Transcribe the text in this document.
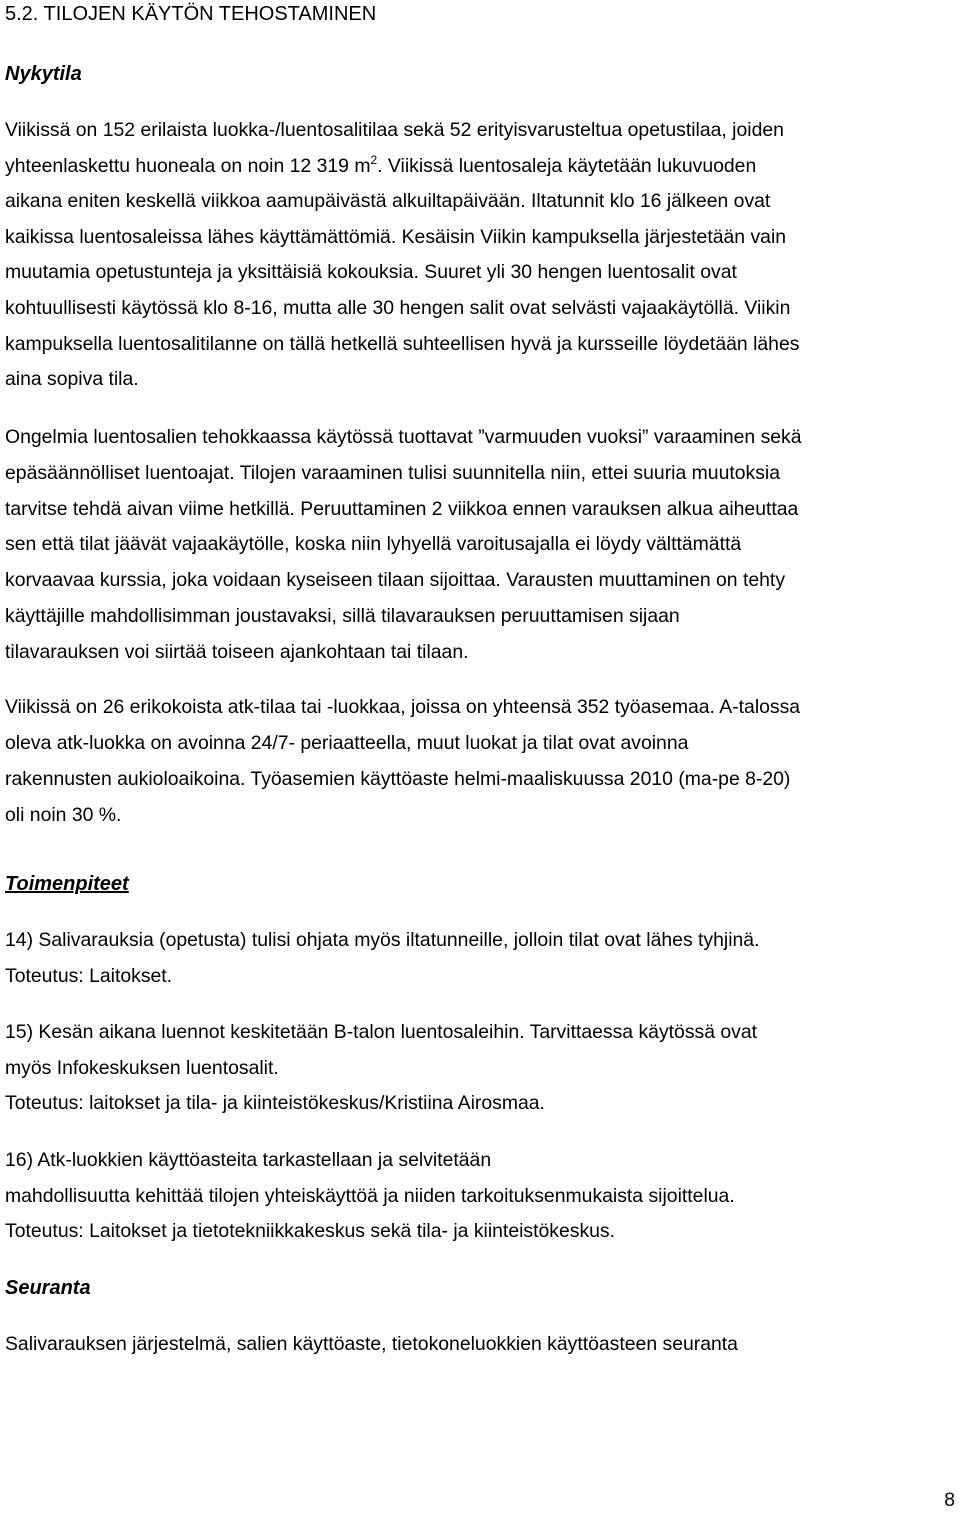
5.2. TILOJEN KÄYTÖN TEHOSTAMINEN
Nykytila
Viikissä on 152 erilaista luokka-/luentosalitilaa sekä 52 erityisvarusteltua opetustilaa, joiden
yhteenlaskettu huoneala on noin 12 319 $m^2$. Viikissä luentosaleja käytetään lukuvuoden
aikana eniten keskellä viikkoa aamupäivästä alkuiltapäivään. Iltatunnit klo 16 jälkeen ovat
kaikissa luentosaleissa lähes käyttämättömiä. Kesäisin Viikin kampuksella järjestetään vain
muutamia opetustunteja ja yksittäisiä kokouksia. Suuret yli 30 hengen luentosalit ovat
kohtuullisesti käytössä klo 8-16, mutta alle 30 hengen salit ovat selvästi vajaakäytöllä. Viikin
kampuksella luentosalitilanne on tällä hetkellä suhteellisen hyvä ja kursseille löydetään lähes
aina sopiva tila.
Ongelmia luentosalien tehokkaassa käytössä tuottavat ”varmuuden vuoksi” varaaminen sekä
epäsäännölliset luentoajat. Tilojen varaaminen tulisi suunnitella niin, ettei suuria muutoksia
tarvitse tehdä aivan viime hetkillä. Peruuttaminen 2 viikkoa ennen varauksen alkua aiheuttaa
sen että tilat jäävät vajaakäytölle, koska niin lyhyellä varoitusajalla ei löydy välttämättä
korvaavaa kurssia, joka voidaan kyseiseen tilaan sijoittaa. Varausten muuttaminen on tehty
käyttäjille mahdollisimman joustavaksi, sillä tilavarauksen peruuttamisen sijaan
tilavarauksen voi siirtää toiseen ajankohtaan tai tilaan.
Viikissä on 26 erikokoista atk-tilaa tai -luokkaa, joissa on yhteensä 352 työasemaa. A-talossa
oleva atk-luokka on avoinna 24/7- periaatteella, muut luokat ja tilat ovat avoinna
rakennusten aukioloaikoina. Työasemien käyttöaste helmi-maaliskuussa 2010 (ma-pe 8-20)
oli noin 30 %.
Toimenpiteet
14) Salivarauksia (opetusta) tulisi ohjata myös iltatunneille, jolloin tilat ovat lähes tyhjinä.
Toteutus: Laitokset.
15) Kesän aikana luennot keskitetään B-talon luentosaleihin. Tarvittaessa käytössä ovat
myös Infokeskuksen luentosalit.
Toteutus: laitokset ja tila- ja kiinteistökeskus/Kristiina Airosmaa.
16) Atk-luokkien käyttöasteita tarkastellaan ja selvitetään
mahdollisuutta kehittää tilojen yhteiskäyttöä ja niiden tarkoituksenmukaista sijoittelua.
Toteutus: Laitokset ja tietotekniikkakeskus sekä tila- ja kiinteistökeskus.
Seuranta

Salivarauksen järjestelmä, salien käyttöaste, tietokoneluokkien käyttöasteen seuranta

8
